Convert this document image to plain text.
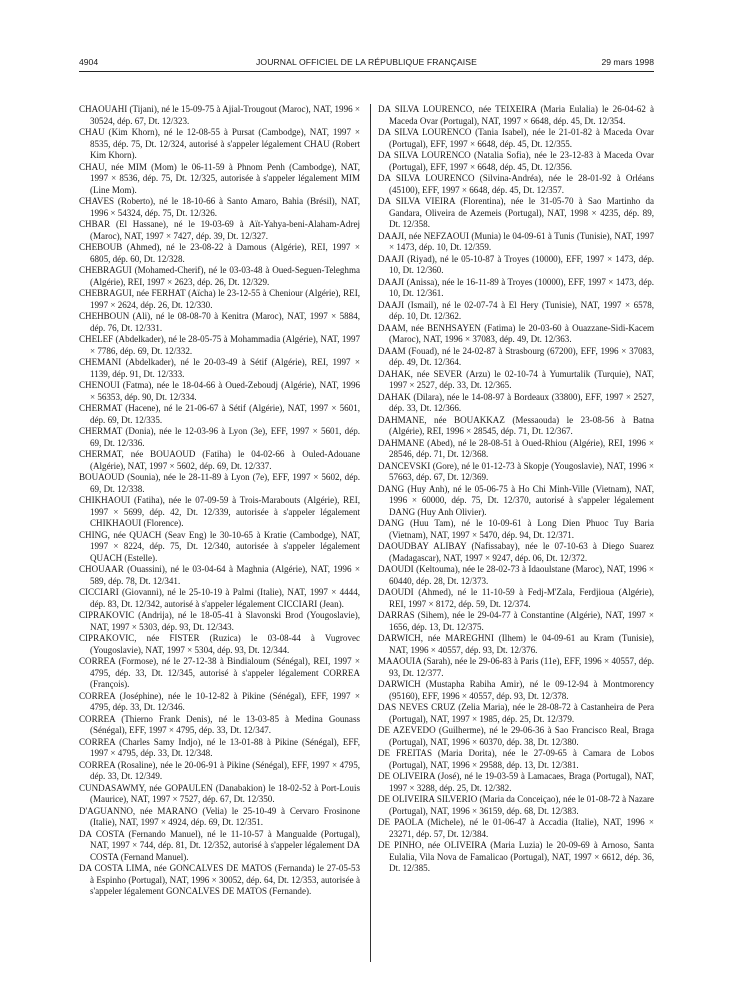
4904	JOURNAL OFFICIEL DE LA RÉPUBLIQUE FRANÇAISE	29 mars 1998

CHAOUAHI (Tijani), né le 15-09-75 à Ajial-Trougout (Maroc), NAT, 1996 × 30524, dép. 67, Dt. 12/323.

CHAU (Kim Khorn), né le 12-08-55 à Pursat (Cambodge), NAT, 1997 × 8535, dép. 75, Dt. 12/324, autorisé à s'appeler légalement CHAU (Robert Kim Khorn).

CHAU, née MIM (Mom) le 06-11-59 à Phnom Penh (Cambodge), NAT, 1997 × 8536, dép. 75, Dt. 12/325, autorisée à s'appeler légalement MIM (Line Mom).

CHAVES (Roberto), né le 18-10-66 à Santo Amaro, Bahia (Brésil), NAT, 1996 × 54324, dép. 75, Dt. 12/326.

CHBAR (El Hassane), né le 19-03-69 à Aït-Yahya-beni-Alaham-Adrej (Maroc), NAT, 1997 × 7427, dép. 39, Dt. 12/327.

CHEBOUB (Ahmed), né le 23-08-22 à Damous (Algérie), REI, 1997 × 6805, dép. 60, Dt. 12/328.

CHEBRAGUI (Mohamed-Cherif), né le 03-03-48 à Oued-Seguen-Teleghma (Algérie), REI, 1997 × 2623, dép. 26, Dt. 12/329.

CHEBRAGUI, née FERHAT (Aïcha) le 23-12-55 à Cheniour (Algérie), REI, 1997 × 2624, dép. 26, Dt. 12/330.

CHEHBOUN (Ali), né le 08-08-70 à Kenitra (Maroc), NAT, 1997 × 5884, dép. 76, Dt. 12/331.

CHELEF (Abdelkader), né le 28-05-75 à Mohammadia (Algérie), NAT, 1997 × 7786, dép. 69, Dt. 12/332.

CHEMANI (Abdelkader), né le 20-03-49 à Sétif (Algérie), REI, 1997 × 1139, dép. 91, Dt. 12/333.

CHENOUI (Fatma), née le 18-04-66 à Oued-Zeboudj (Algérie), NAT, 1996 × 56353, dép. 90, Dt. 12/334.

CHERMAT (Hacene), né le 21-06-67 à Sétif (Algérie), NAT, 1997 × 5601, dép. 69, Dt. 12/335.

CHERMAT (Donia), née le 12-03-96 à Lyon (3e), EFF, 1997 × 5601, dép. 69, Dt. 12/336.

CHERMAT, née BOUAOUD (Fatiha) le 04-02-66 à Ouled-Adouane (Algérie), NAT, 1997 × 5602, dép. 69, Dt. 12/337.

BOUAOUD (Sounia), née le 28-11-89 à Lyon (7e), EFF, 1997 × 5602, dép. 69, Dt. 12/338.

CHIKHAOUI (Fatiha), née le 07-09-59 à Trois-Marabouts (Algérie), REI, 1997 × 5699, dép. 42, Dt. 12/339, autorisée à s'appeler légalement CHIKHAOUI (Florence).

CHING, née QUACH (Seav Eng) le 30-10-65 à Kratie (Cambodge), NAT, 1997 × 8224, dép. 75, Dt. 12/340, autorisée à s'appeler légalement QUACH (Estelle).

CHOUAAR (Ouassini), né le 03-04-64 à Maghnia (Algérie), NAT, 1996 × 589, dép. 78, Dt. 12/341.

CICCIARI (Giovanni), né le 25-10-19 à Palmi (Italie), NAT, 1997 × 4444, dép. 83, Dt. 12/342, autorisé à s'appeler légalement CICCIARI (Jean).

CIPRAKOVIC (Andrija), né le 18-05-41 à Slavonski Brod (Yougoslavie), NAT, 1997 × 5303, dép. 93, Dt. 12/343.

CIPRAKOVIC, née FISTER (Ruzica) le 03-08-44 à Vugrovec (Yougoslavie), NAT, 1997 × 5304, dép. 93, Dt. 12/344.

CORREA (Formose), né le 27-12-38 à Bindialoum (Sénégal), REI, 1997 × 4795, dép. 33, Dt. 12/345, autorisé à s'appeler légalement CORREA (François).

CORREA (Joséphine), née le 10-12-82 à Pikine (Sénégal), EFF, 1997 × 4795, dép. 33, Dt. 12/346.

CORREA (Thierno Frank Denis), né le 13-03-85 à Medina Gounass (Sénégal), EFF, 1997 × 4795, dép. 33, Dt. 12/347.

CORREA (Charles Samy Indjo), né le 13-01-88 à Pikine (Sénégal), EFF, 1997 × 4795, dép. 33, Dt. 12/348.

CORREA (Rosaline), née le 20-06-91 à Pikine (Sénégal), EFF, 1997 × 4795, dép. 33, Dt. 12/349.

CUNDASAWMY, née GOPAULEN (Danabakion) le 18-02-52 à Port-Louis (Maurice), NAT, 1997 × 7527, dép. 67, Dt. 12/350.

D'AGUANNO, née MARANO (Velia) le 25-10-49 à Cervaro Frosinone (Italie), NAT, 1997 × 4924, dép. 69, Dt. 12/351.

DA COSTA (Fernando Manuel), né le 11-10-57 à Mangualde (Portugal), NAT, 1997 × 744, dép. 81, Dt. 12/352, autorisé à s'appeler légalement DA COSTA (Fernand Manuel).

DA COSTA LIMA, née GONCALVES DE MATOS (Fernanda) le 27-05-53 à Espinho (Portugal), NAT, 1996 × 30052, dép. 64, Dt. 12/353, autorisée à s'appeler légalement GONCALVES DE MATOS (Fernande).

DA SILVA LOURENCO, née TEIXEIRA (Maria Eulalia) le 26-04-62 à Maceda Ovar (Portugal), NAT, 1997 × 6648, dép. 45, Dt. 12/354.

DA SILVA LOURENCO (Tania Isabel), née le 21-01-82 à Maceda Ovar (Portugal), EFF, 1997 × 6648, dép. 45, Dt. 12/355.

DA SILVA LOURENCO (Natalia Sofia), née le 23-12-83 à Maceda Ovar (Portugal), EFF, 1997 × 6648, dép. 45, Dt. 12/356.

DA SILVA LOURENCO (Silvina-Andréa), née le 28-01-92 à Orléans (45100), EFF, 1997 × 6648, dép. 45, Dt. 12/357.

DA SILVA VIEIRA (Florentina), née le 31-05-70 à Sao Martinho da Gandara, Oliveira de Azemeis (Portugal), NAT, 1998 × 4235, dép. 89, Dt. 12/358.

DAAJI, née NEFZAOUI (Munia) le 04-09-61 à Tunis (Tunisie), NAT, 1997 × 1473, dép. 10, Dt. 12/359.

DAAJI (Riyad), né le 05-10-87 à Troyes (10000), EFF, 1997 × 1473, dép. 10, Dt. 12/360.

DAAJI (Anissa), née le 16-11-89 à Troyes (10000), EFF, 1997 × 1473, dép. 10, Dt. 12/361.

DAAJI (Ismail), né le 02-07-74 à El Hery (Tunisie), NAT, 1997 × 6578, dép. 10, Dt. 12/362.

DAAM, née BENHSAYEN (Fatima) le 20-03-60 à Ouazzane-Sidi-Kacem (Maroc), NAT, 1996 × 37083, dép. 49, Dt. 12/363.

DAAM (Fouad), né le 24-02-87 à Strasbourg (67200), EFF, 1996 × 37083, dép. 49, Dt. 12/364.

DAHAK, née SEVER (Arzu) le 02-10-74 à Yumurtalik (Turquie), NAT, 1997 × 2527, dép. 33, Dt. 12/365.

DAHAK (Dilara), née le 14-08-97 à Bordeaux (33800), EFF, 1997 × 2527, dép. 33, Dt. 12/366.

DAHMANE, née BOUAKKAZ (Messaouda) le 23-08-56 à Batna (Algérie), REI, 1996 × 28545, dép. 71, Dt. 12/367.

DAHMANE (Abed), né le 28-08-51 à Oued-Rhiou (Algérie), REI, 1996 × 28546, dép. 71, Dt. 12/368.

DANCEVSKI (Gore), né le 01-12-73 à Skopje (Yougoslavie), NAT, 1996 × 57663, dép. 67, Dt. 12/369.

DANG (Huy Anh), né le 05-06-75 à Ho Chi Minh-Ville (Vietnam), NAT, 1996 × 60000, dép. 75, Dt. 12/370, autorisé à s'appeler légalement DANG (Huy Anh Olivier).

DANG (Huu Tam), né le 10-09-61 à Long Dien Phuoc Tuy Baria (Vietnam), NAT, 1997 × 5470, dép. 94, Dt. 12/371.

DAOUDBAY ALIBAY (Nafissabay), née le 07-10-63 à Diego Suarez (Madagascar), NAT, 1997 × 9247, dép. 06, Dt. 12/372.

DAOUDI (Keltouma), née le 28-02-73 à Idaoulstane (Maroc), NAT, 1996 × 60440, dép. 28, Dt. 12/373.

DAOUDI (Ahmed), né le 11-10-59 à Fedj-M'Zala, Ferdjioua (Algérie), REI, 1997 × 8172, dép. 59, Dt. 12/374.

DARRAS (Sihem), née le 29-04-77 à Constantine (Algérie), NAT, 1997 × 1656, dép. 13, Dt. 12/375.

DARWICH, née MAREGHNI (Ilhem) le 04-09-61 au Kram (Tunisie), NAT, 1996 × 40557, dép. 93, Dt. 12/376.

MAAOUIA (Sarah), née le 29-06-83 à Paris (11e), EFF, 1996 × 40557, dép. 93, Dt. 12/377.

DARWICH (Mustapha Rabiha Amir), né le 09-12-94 à Montmorency (95160), EFF, 1996 × 40557, dép. 93, Dt. 12/378.

DAS NEVES CRUZ (Zelia Maria), née le 28-08-72 à Castanheira de Pera (Portugal), NAT, 1997 × 1985, dép. 25, Dt. 12/379.

DE AZEVEDO (Guilherme), né le 29-06-36 à Sao Francisco Real, Braga (Portugal), NAT, 1996 × 60370, dép. 38, Dt. 12/380.

DE FREITAS (Maria Dorita), née le 27-09-65 à Camara de Lobos (Portugal), NAT, 1996 × 29588, dép. 13, Dt. 12/381.

DE OLIVEIRA (José), né le 19-03-59 à Lamacaes, Braga (Portugal), NAT, 1997 × 3288, dép. 25, Dt. 12/382.

DE OLIVEIRA SILVERIO (Maria da Conceiçao), née le 01-08-72 à Nazare (Portugal), NAT, 1996 × 36159, dép. 68, Dt. 12/383.

DE PAOLA (Michele), né le 01-06-47 à Accadia (Italie), NAT, 1996 × 23271, dép. 57, Dt. 12/384.

DE PINHO, née OLIVEIRA (Maria Luzia) le 20-09-69 à Arnoso, Santa Eulalia, Vila Nova de Famalicao (Portugal), NAT, 1997 × 6612, dép. 36, Dt. 12/385.
